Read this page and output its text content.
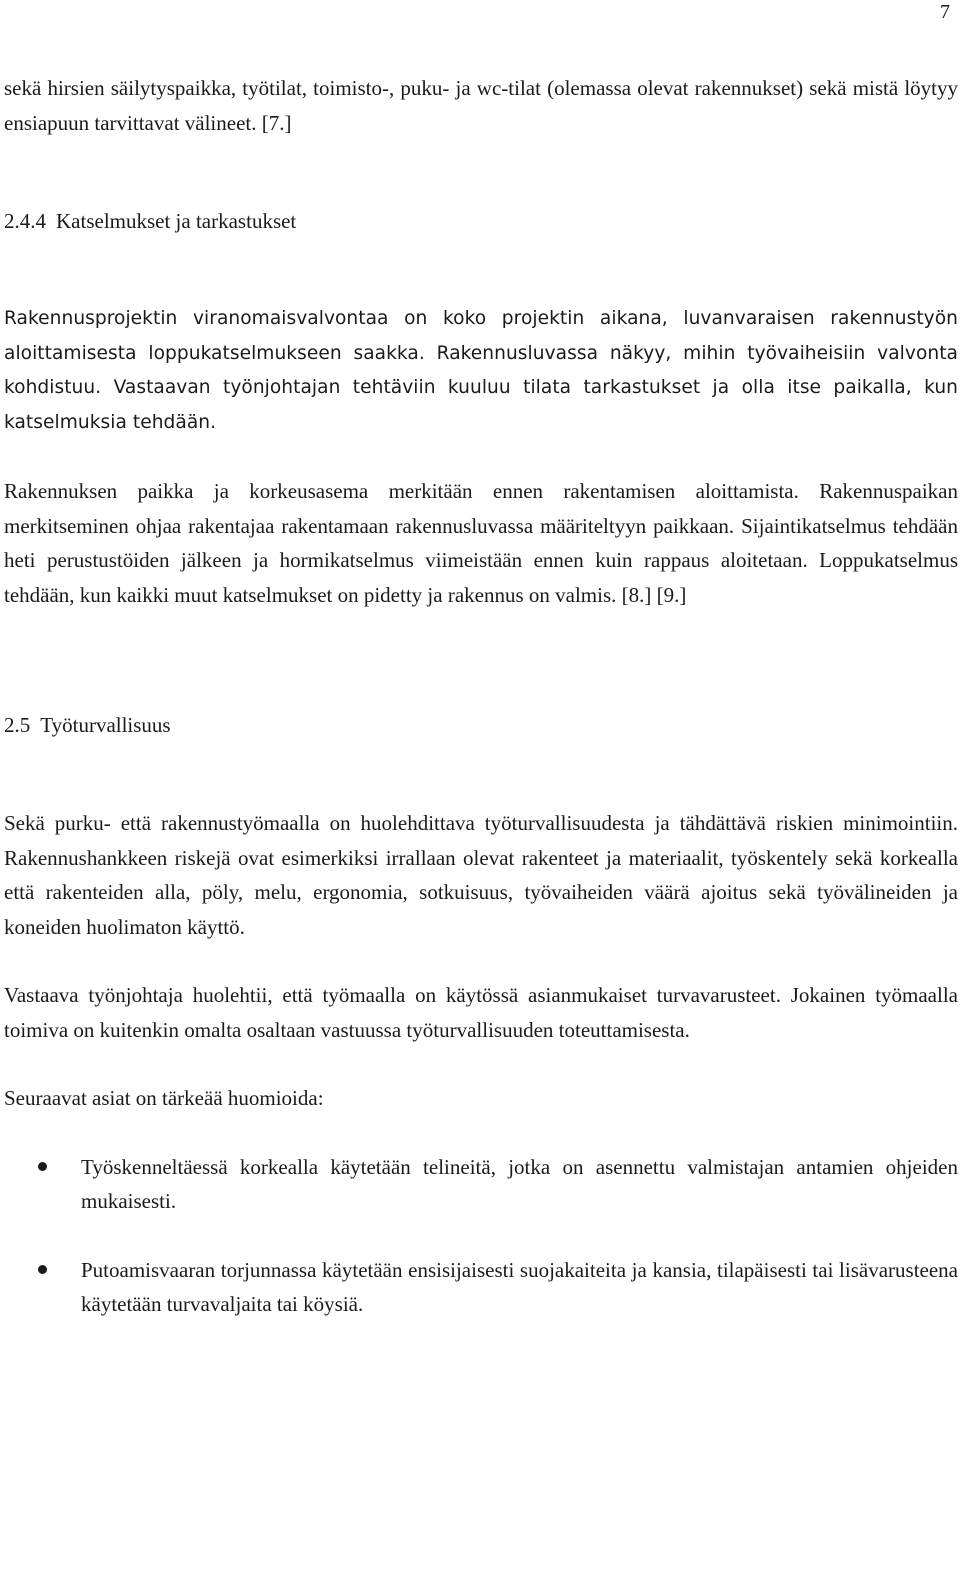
7

sekä hirsien säilytyspaikka, työtilat, toimisto-, puku- ja wc-tilat (olemassa olevat rakennukset) sekä mistä löytyy ensiapuun tarvittavat välineet. [7.]

2.4.4 Katselmukset ja tarkastukset

Rakennusprojektin viranomaisvalvontaa on koko projektin aikana, luvanvaraisen rakennustyön aloittamisesta loppukatselmukseen saakka. Rakennusluvassa näkyy, mihin työvaiheisiin valvonta kohdistuu. Vastaavan työnjohtajan tehtäviin kuuluu tilata tarkastukset ja olla itse paikalla, kun katselmuksia tehdään.

Rakennuksen paikka ja korkeusasema merkitään ennen rakentamisen aloittamista. Rakennuspaikan merkitseminen ohjaa rakentajaa rakentamaan rakennusluvassa määriteltyyn paikkaan. Sijaintikatselmus tehdään heti perustustöiden jälkeen ja hormikatselmus viimeistään ennen kuin rappaus aloitetaan. Loppukatselmus tehdään, kun kaikki muut katselmukset on pidetty ja rakennus on valmis. [8.] [9.]

2.5 Työturvallisuus

Sekä purku- että rakennustyömaalla on huolehdittava työturvallisuudesta ja tähdättävä riskien minimointiin. Rakennushankkeen riskejä ovat esimerkiksi irrallaan olevat rakenteet ja materiaalit, työskentely sekä korkealla että rakenteiden alla, pöly, melu, ergonomia, sotkuisuus, työvaiheiden väärä ajoitus sekä työvälineiden ja koneiden huolimaton käyttö.

Vastaava työnjohtaja huolehtii, että työmaalla on käytössä asianmukaiset turvavarusteet. Jokainen työmaalla toimiva on kuitenkin omalta osaltaan vastuussa työturvallisuuden toteuttamisesta.

Seuraavat asiat on tärkeää huomioida:

Työskenneltäessä korkealla käytetään telineitä, jotka on asennettu valmistajan antamien ohjeiden mukaisesti.
Putoamisvaaran torjunnassa käytetään ensisijaisesti suojakaiteita ja kansia, tilapäisesti tai lisävarusteena käytetään turvavaljaita tai köysiä.
